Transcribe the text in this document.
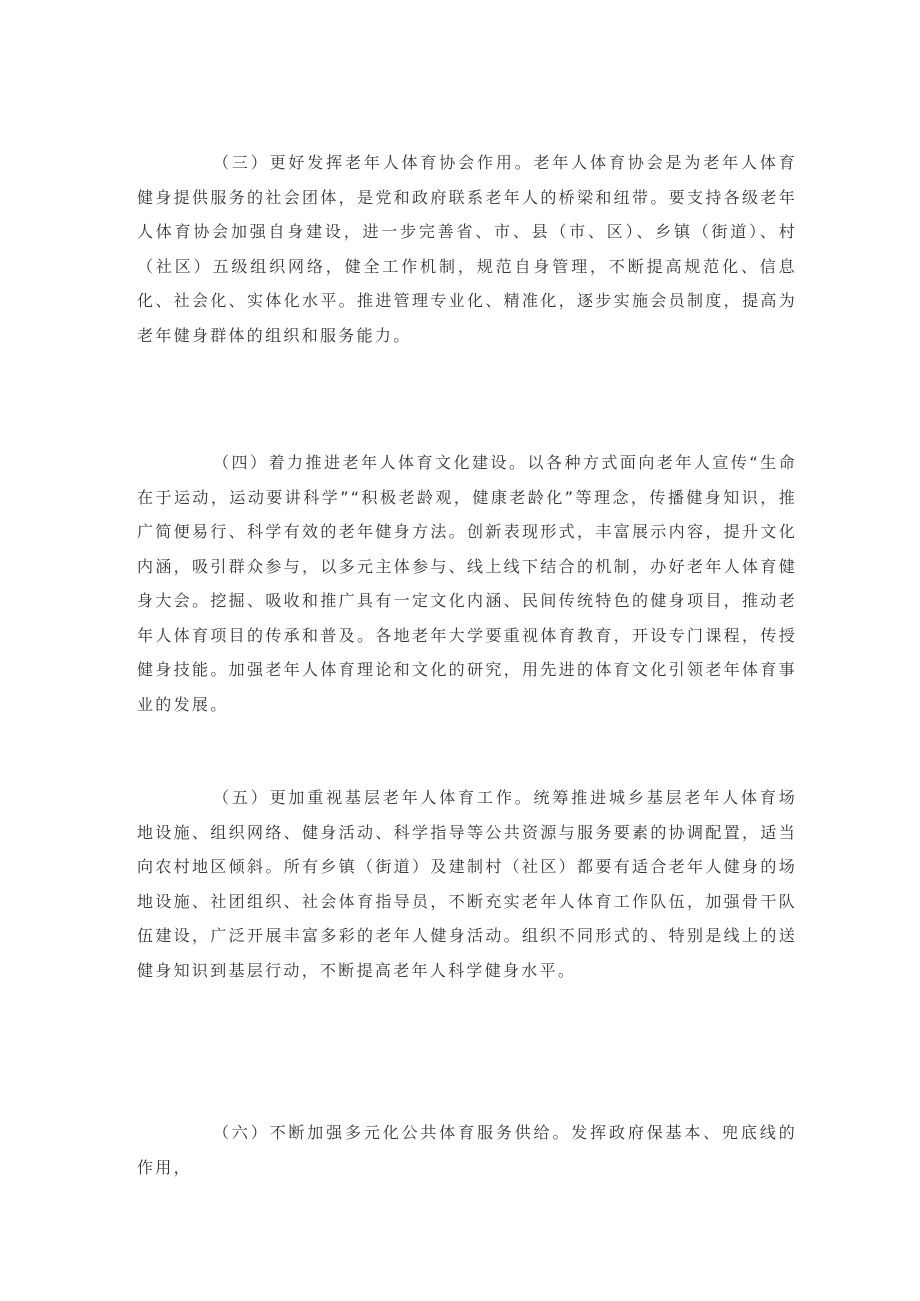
（三）更好发挥老年人体育协会作用。老年人体育协会是为老年人体育健身提供服务的社会团体，是党和政府联系老年人的桥梁和纽带。要支持各级老年人体育协会加强自身建设，进一步完善省、市、县（市、区）、乡镇（街道）、村（社区）五级组织网络，健全工作机制，规范自身管理，不断提高规范化、信息化、社会化、实体化水平。推进管理专业化、精准化，逐步实施会员制度，提高为老年健身群体的组织和服务能力。

（四）着力推进老年人体育文化建设。以各种方式面向老年人宣传“生命在于运动，运动要讲科学”“积极老龄观，健康老龄化”等理念，传播健身知识，推广简便易行、科学有效的老年健身方法。创新表现形式，丰富展示内容，提升文化内涵，吸引群众参与，以多元主体参与、线上线下结合的机制，办好老年人体育健身大会。挖掘、吸收和推广具有一定文化内涵、民间传统特色的健身项目，推动老年人体育项目的传承和普及。各地老年大学要重视体育教育，开设专门课程，传授健身技能。加强老年人体育理论和文化的研究，用先进的体育文化引领老年体育事业的发展。

（五）更加重视基层老年人体育工作。统筹推进城乡基层老年人体育场地设施、组织网络、健身活动、科学指导等公共资源与服务要素的协调配置，适当向农村地区倾斜。所有乡镇（街道）及建制村（社区）都要有适合老年人健身的场地设施、社团组织、社会体育指导员，不断充实老年人体育工作队伍，加强骨干队伍建设，广泛开展丰富多彩的老年人健身活动。组织不同形式的、特别是线上的送健身知识到基层行动，不断提高老年人科学健身水平。

（六）不断加强多元化公共体育服务供给。发挥政府保基本、兜底线的作用，
